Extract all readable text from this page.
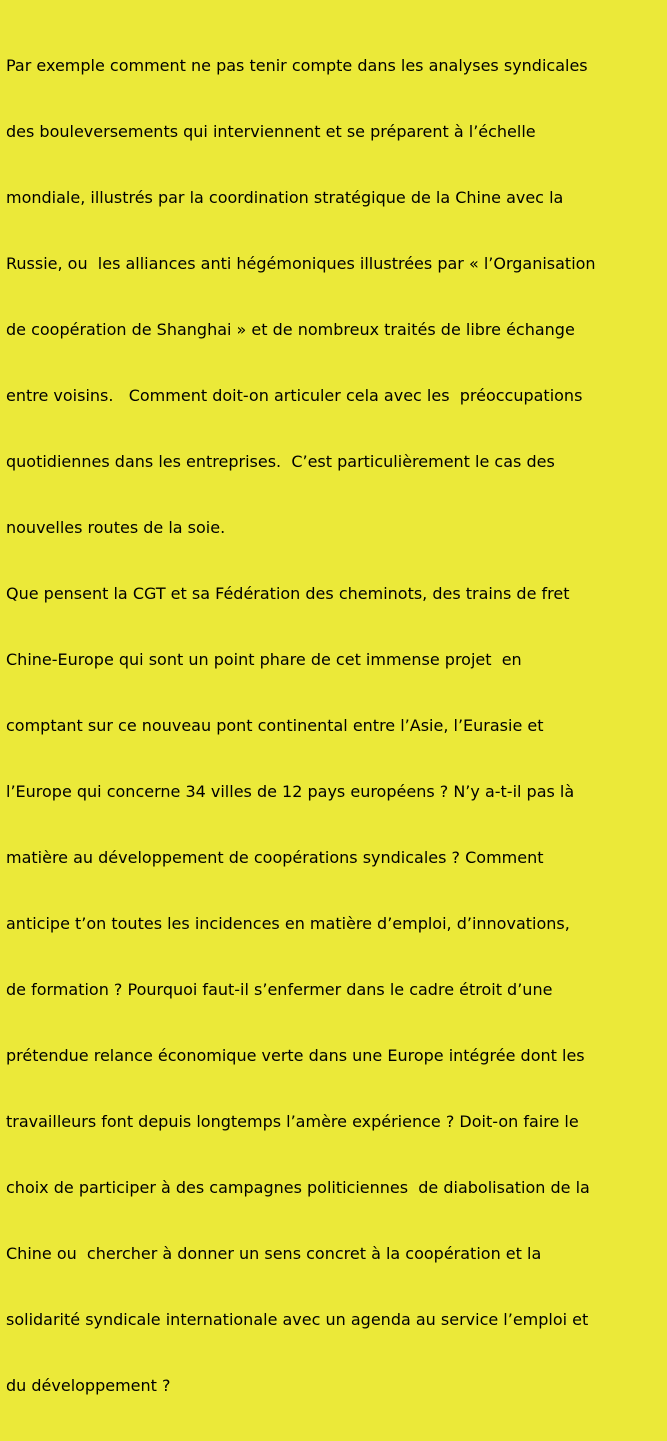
Par exemple comment ne pas tenir compte dans les analyses syndicales

des bouleversements qui interviennent et se préparent à l’échelle

mondiale, illustrés par la coordination stratégique de la Chine avec la

Russie, ou  les alliances anti hégémoniques illustrées par « l’Organisation

de coopération de Shanghai » et de nombreux traités de libre échange

entre voisins.   Comment doit-on articuler cela avec les  préoccupations

quotidiennes dans les entreprises.  C’est particulièrement le cas des

nouvelles routes de la soie.

Que pensent la CGT et sa Fédération des cheminots, des trains de fret

Chine-Europe qui sont un point phare de cet immense projet  en

comptant sur ce nouveau pont continental entre l’Asie, l’Eurasie et

l’Europe qui concerne 34 villes de 12 pays européens ? N’y a-t-il pas là

matière au développement de coopérations syndicales ? Comment

anticipe t’on toutes les incidences en matière d’emploi, d’innovations,

de formation ? Pourquoi faut-il s’enfermer dans le cadre étroit d’une

prétendue relance économique verte dans une Europe intégrée dont les

travailleurs font depuis longtemps l’amère expérience ? Doit-on faire le

choix de participer à des campagnes politiciennes  de diabolisation de la

Chine ou  chercher à donner un sens concret à la coopération et la

solidarité syndicale internationale avec un agenda au service l’emploi et

du développement ?
